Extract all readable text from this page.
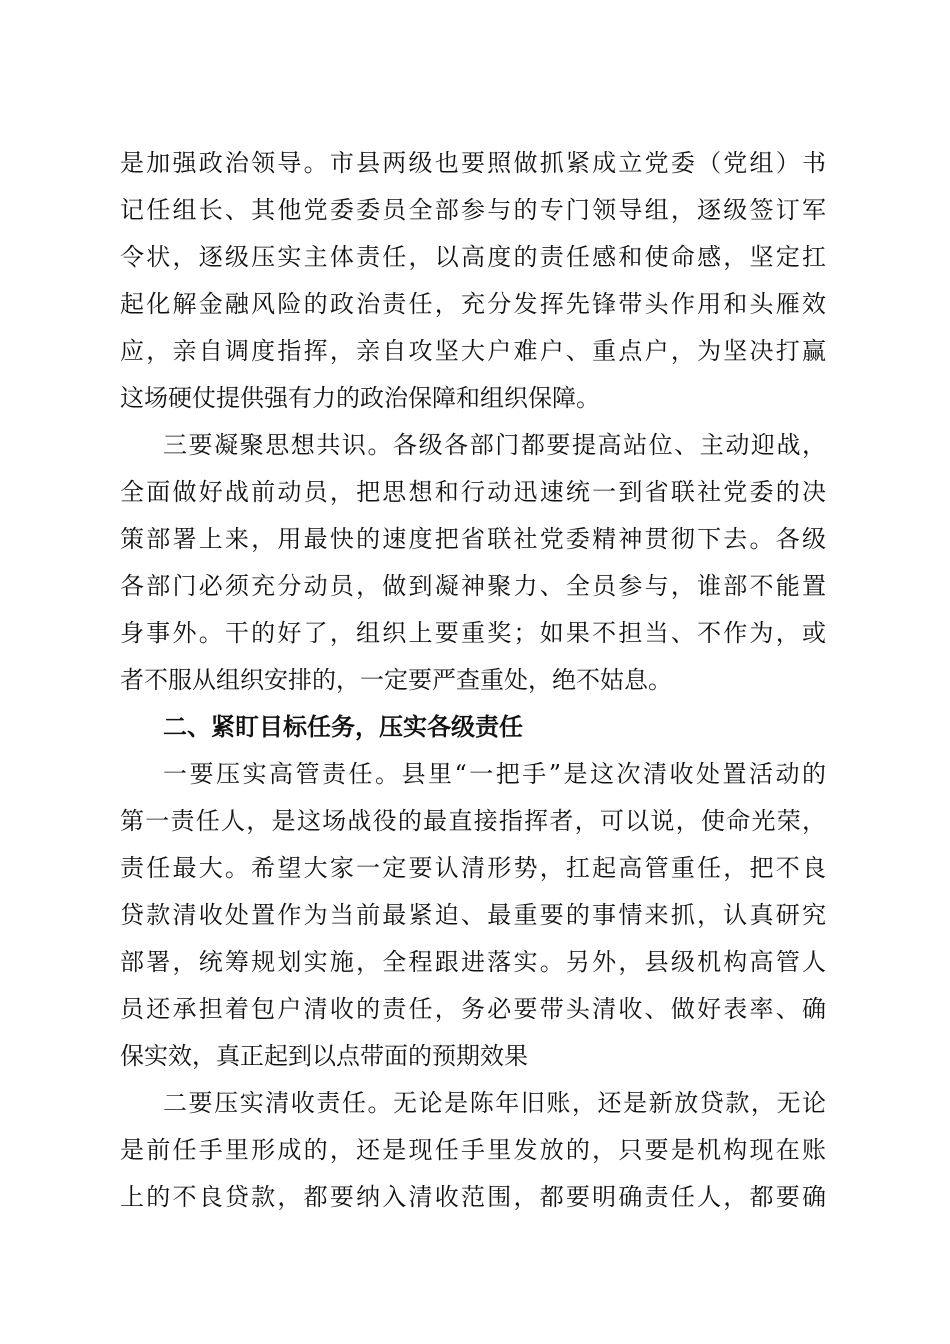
是加强政治领导。市县两级也要照做抓紧成立党委（党组）书
记任组长、其他党委委员全部参与的专门领导组，逐级签订军
令状，逐级压实主体责任，以高度的责任感和使命感，坚定扛
起化解金融风险的政治责任，充分发挥先锋带头作用和头雁效
应，亲自调度指挥，亲自攻坚大户难户、重点户，为坚决打赢
这场硬仗提供强有力的政治保障和组织保障。
三要凝聚思想共识。各级各部门都要提高站位、主动迎战，
全面做好战前动员，把思想和行动迅速统一到省联社党委的决
策部署上来，用最快的速度把省联社党委精神贯彻下去。各级
各部门必须充分动员，做到凝神聚力、全员参与，谁部不能置
身事外。干的好了，组织上要重奖；如果不担当、不作为，或
者不服从组织安排的，一定要严查重处，绝不姑息。
二、紧盯目标任务，压实各级责任
一要压实高管责任。县里“一把手”是这次清收处置活动的
第一责任人，是这场战役的最直接指挥者，可以说，使命光荣，
责任最大。希望大家一定要认清形势，扛起高管重任，把不良
贷款清收处置作为当前最紧迫、最重要的事情来抓，认真研究
部署，统筹规划实施，全程跟进落实。另外，县级机构高管人
员还承担着包户清收的责任，务必要带头清收、做好表率、确
保实效，真正起到以点带面的预期效果
二要压实清收责任。无论是陈年旧账，还是新放贷款，无论
是前任手里形成的，还是现任手里发放的，只要是机构现在账
上的不良贷款，都要纳入清收范围，都要明确责任人，都要确
